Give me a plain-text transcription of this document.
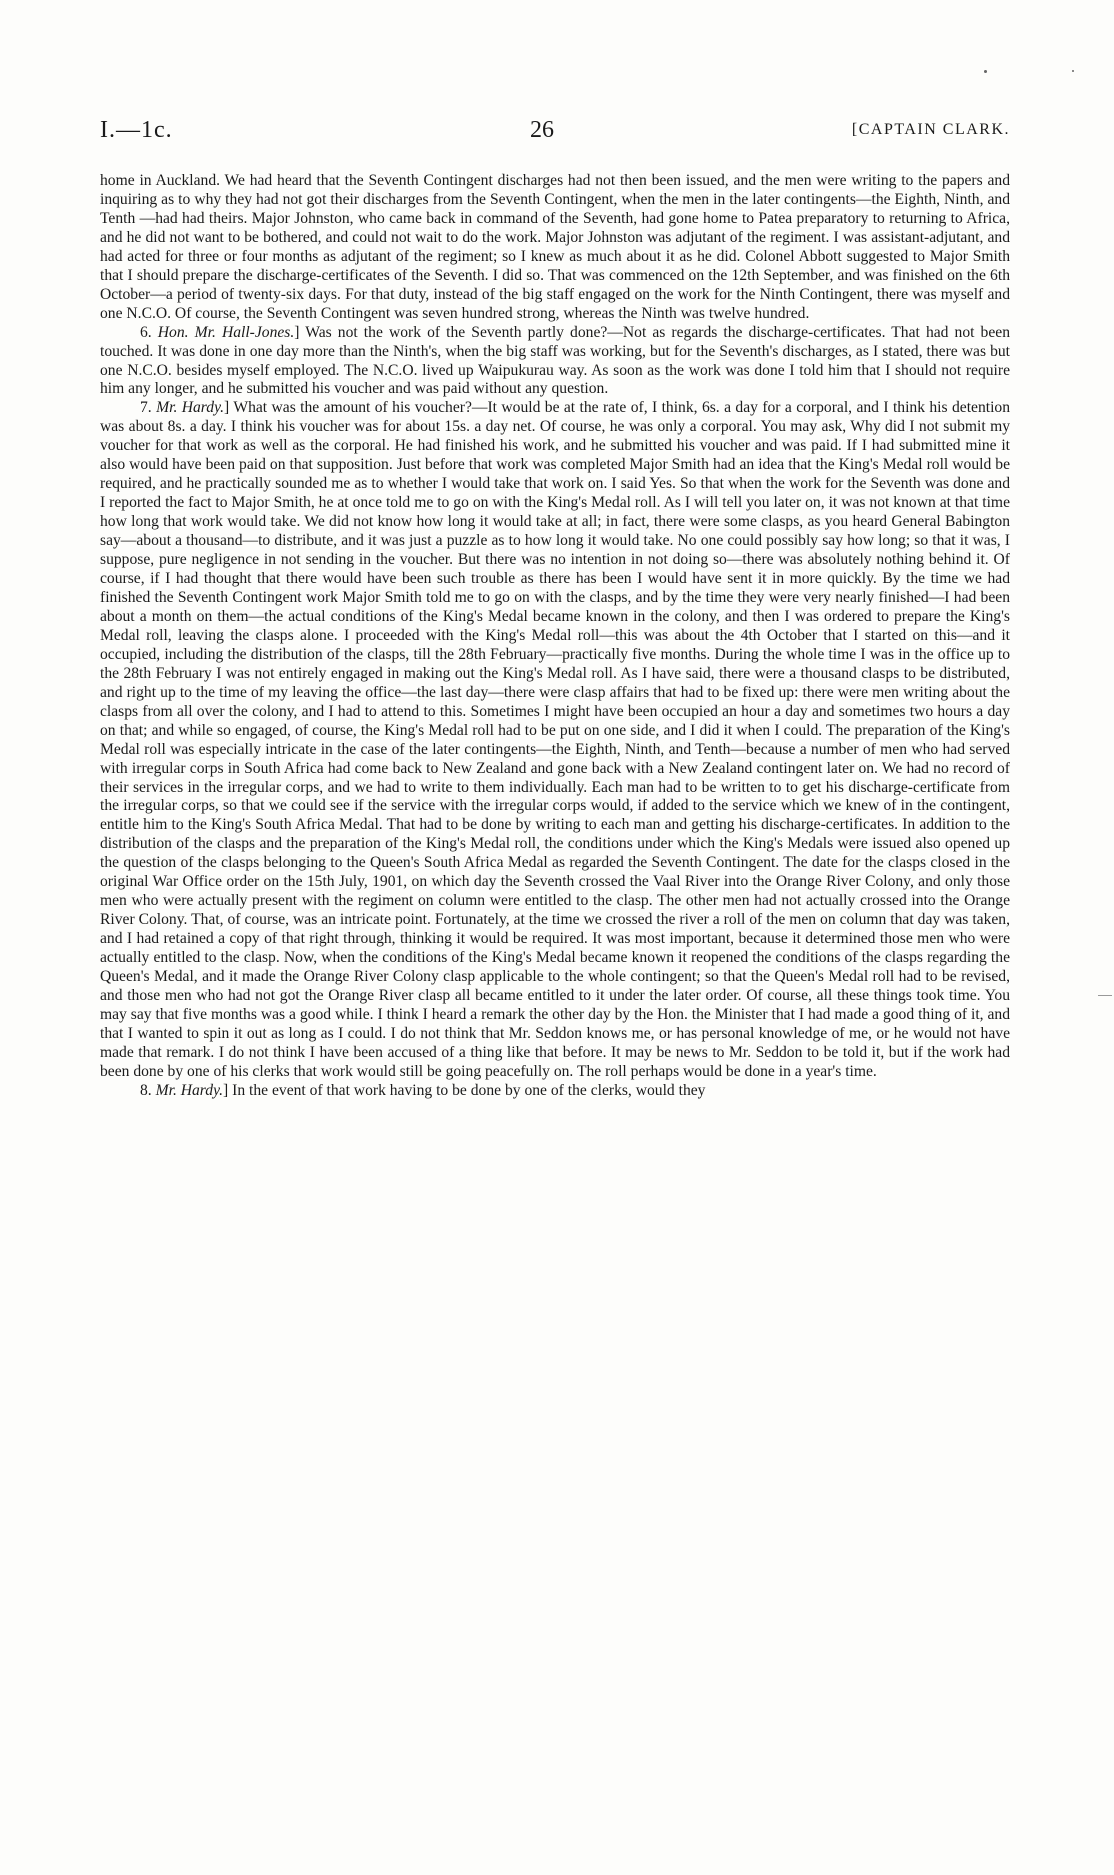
I.—1c.	26	[CAPTAIN CLARK.

home in Auckland. We had heard that the Seventh Contingent discharges had not then been issued, and the men were writing to the papers and inquiring as to why they had not got their discharges from the Seventh Contingent, when the men in the later contingents—the Eighth, Ninth, and Tenth —had had theirs. Major Johnston, who came back in command of the Seventh, had gone home to Patea preparatory to returning to Africa, and he did not want to be bothered, and could not wait to do the work. Major Johnston was adjutant of the regiment. I was assistant-adjutant, and had acted for three or four months as adjutant of the regiment; so I knew as much about it as he did. Colonel Abbott suggested to Major Smith that I should prepare the discharge-certificates of the Seventh. I did so. That was commenced on the 12th September, and was finished on the 6th October—a period of twenty-six days. For that duty, instead of the big staff engaged on the work for the Ninth Contingent, there was myself and one N.C.O. Of course, the Seventh Contingent was seven hundred strong, whereas the Ninth was twelve hundred.

6. Hon. Mr. Hall-Jones.] Was not the work of the Seventh partly done?—Not as regards the discharge-certificates. That had not been touched. It was done in one day more than the Ninth's, when the big staff was working, but for the Seventh's discharges, as I stated, there was but one N.C.O. besides myself employed. The N.C.O. lived up Waipukurau way. As soon as the work was done I told him that I should not require him any longer, and he submitted his voucher and was paid without any question.

7. Mr. Hardy.] What was the amount of his voucher?—It would be at the rate of, I think, 6s. a day for a corporal, and I think his detention was about 8s. a day. I think his voucher was for about 15s. a day net. Of course, he was only a corporal. You may ask, Why did I not submit my voucher for that work as well as the corporal. He had finished his work, and he submitted his voucher and was paid. If I had submitted mine it also would have been paid on that supposition. Just before that work was completed Major Smith had an idea that the King's Medal roll would be required, and he practically sounded me as to whether I would take that work on. I said Yes. So that when the work for the Seventh was done and I reported the fact to Major Smith, he at once told me to go on with the King's Medal roll. As I will tell you later on, it was not known at that time how long that work would take. We did not know how long it would take at all; in fact, there were some clasps, as you heard General Babington say—about a thousand—to distribute, and it was just a puzzle as to how long it would take. No one could possibly say how long; so that it was, I suppose, pure negligence in not sending in the voucher. But there was no intention in not doing so—there was absolutely nothing behind it. Of course, if I had thought that there would have been such trouble as there has been I would have sent it in more quickly. By the time we had finished the Seventh Contingent work Major Smith told me to go on with the clasps, and by the time they were very nearly finished—I had been about a month on them—the actual conditions of the King's Medal became known in the colony, and then I was ordered to prepare the King's Medal roll, leaving the clasps alone. I proceeded with the King's Medal roll—this was about the 4th October that I started on this—and it occupied, including the distribution of the clasps, till the 28th February—practically five months. During the whole time I was in the office up to the 28th February I was not entirely engaged in making out the King's Medal roll. As I have said, there were a thousand clasps to be distributed, and right up to the time of my leaving the office—the last day—there were clasp affairs that had to be fixed up: there were men writing about the clasps from all over the colony, and I had to attend to this. Sometimes I might have been occupied an hour a day and sometimes two hours a day on that; and while so engaged, of course, the King's Medal roll had to be put on one side, and I did it when I could. The preparation of the King's Medal roll was especially intricate in the case of the later contingents—the Eighth, Ninth, and Tenth—because a number of men who had served with irregular corps in South Africa had come back to New Zealand and gone back with a New Zealand contingent later on. We had no record of their services in the irregular corps, and we had to write to them individually. Each man had to be written to to get his discharge-certificate from the irregular corps, so that we could see if the service with the irregular corps would, if added to the service which we knew of in the contingent, entitle him to the King's South Africa Medal. That had to be done by writing to each man and getting his discharge-certificates. In addition to the distribution of the clasps and the preparation of the King's Medal roll, the conditions under which the King's Medals were issued also opened up the question of the clasps belonging to the Queen's South Africa Medal as regarded the Seventh Contingent. The date for the clasps closed in the original War Office order on the 15th July, 1901, on which day the Seventh crossed the Vaal River into the Orange River Colony, and only those men who were actually present with the regiment on column were entitled to the clasp. The other men had not actually crossed into the Orange River Colony. That, of course, was an intricate point. Fortunately, at the time we crossed the river a roll of the men on column that day was taken, and I had retained a copy of that right through, thinking it would be required. It was most important, because it determined those men who were actually entitled to the clasp. Now, when the conditions of the King's Medal became known it reopened the conditions of the clasps regarding the Queen's Medal, and it made the Orange River Colony clasp applicable to the whole contingent; so that the Queen's Medal roll had to be revised, and those men who had not got the Orange River clasp all became entitled to it under the later order. Of course, all these things took time. You may say that five months was a good while. I think I heard a remark the other day by the Hon. the Minister that I had made a good thing of it, and that I wanted to spin it out as long as I could. I do not think that Mr. Seddon knows me, or has personal knowledge of me, or he would not have made that remark. I do not think I have been accused of a thing like that before. It may be news to Mr. Seddon to be told it, but if the work had been done by one of his clerks that work would still be going peacefully on. The roll perhaps would be done in a year's time.

8. Mr. Hardy.] In the event of that work having to be done by one of the clerks, would they
